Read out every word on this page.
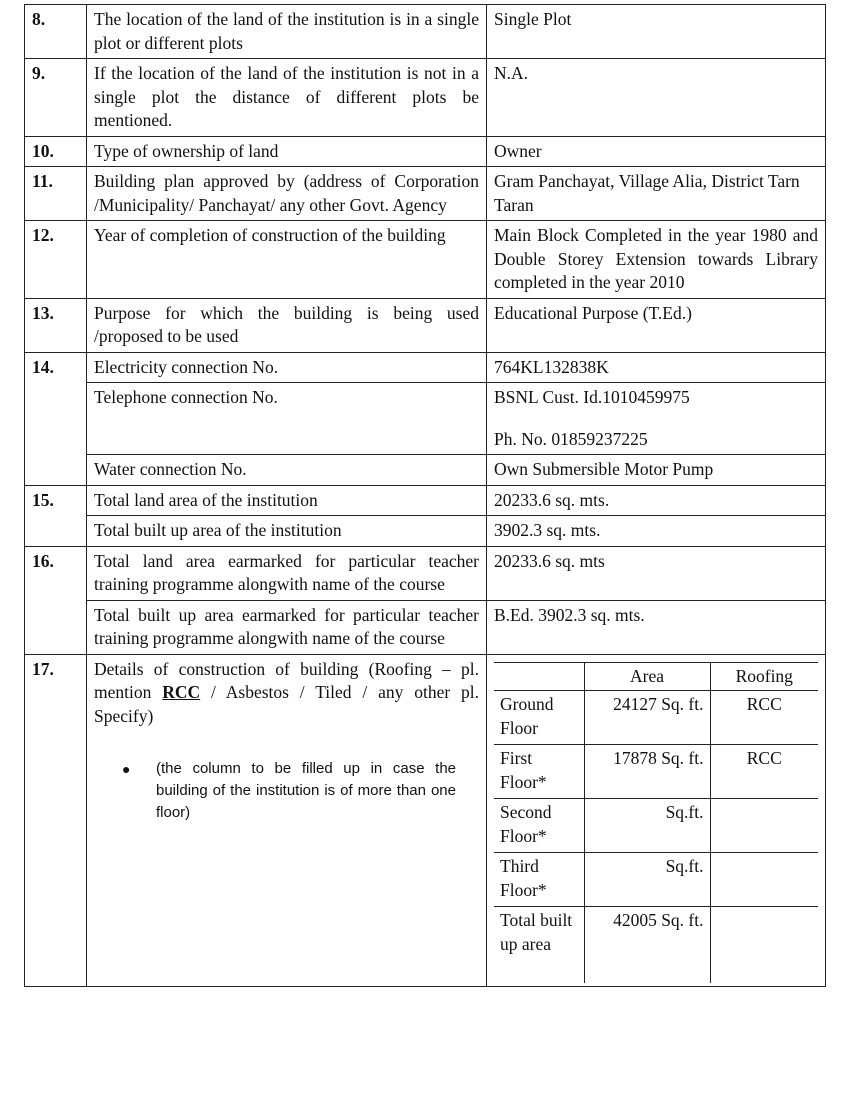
8.	The location of the land of the institution is in a single plot or different plots	Single Plot
9.	If the location of the land of the institution is not in a single plot the distance of different plots be mentioned.	N.A.
10.	Type of ownership of land	Owner
11.	Building plan approved by (address of Corporation /Municipality/ Panchayat/ any other Govt. Agency	Gram Panchayat, Village Alia, District Tarn Taran
12.	Year of completion of construction of the building	Main Block Completed in the year 1980 and Double Storey Extension towards Library completed in the year 2010
13.	Purpose for which the building is being used /proposed to be used	Educational Purpose (T.Ed.)
14.	Electricity connection No.	764KL132838K
Telephone connection No.	BSNL Cust. Id.1010459975
Ph. No. 01859237225

Water connection No.	Own Submersible Motor Pump
15.	Total land area of the institution	20233.6 sq. mts.
Total built up area of the institution	3902.3 sq. mts.
16.	Total land area earmarked for particular teacher training programme alongwith name of the course	20233.6 sq. mts
Total built up area earmarked for particular teacher training programme alongwith name of the course	B.Ed. 3902.3 sq. mts.
17.	Details of construction of building (Roofing – pl. mention RCC / Asbestos / Tiled / any other pl. Specify)
●	(the column to be filled up in case the building of the institution is of more than one floor)

	Area	Roofing
Ground Floor	24127 Sq. ft.	RCC
First Floor*	17878 Sq. ft.	RCC
Second Floor*	Sq.ft.	
Third Floor*	Sq.ft.	
Total built up area	42005 Sq. ft.	
